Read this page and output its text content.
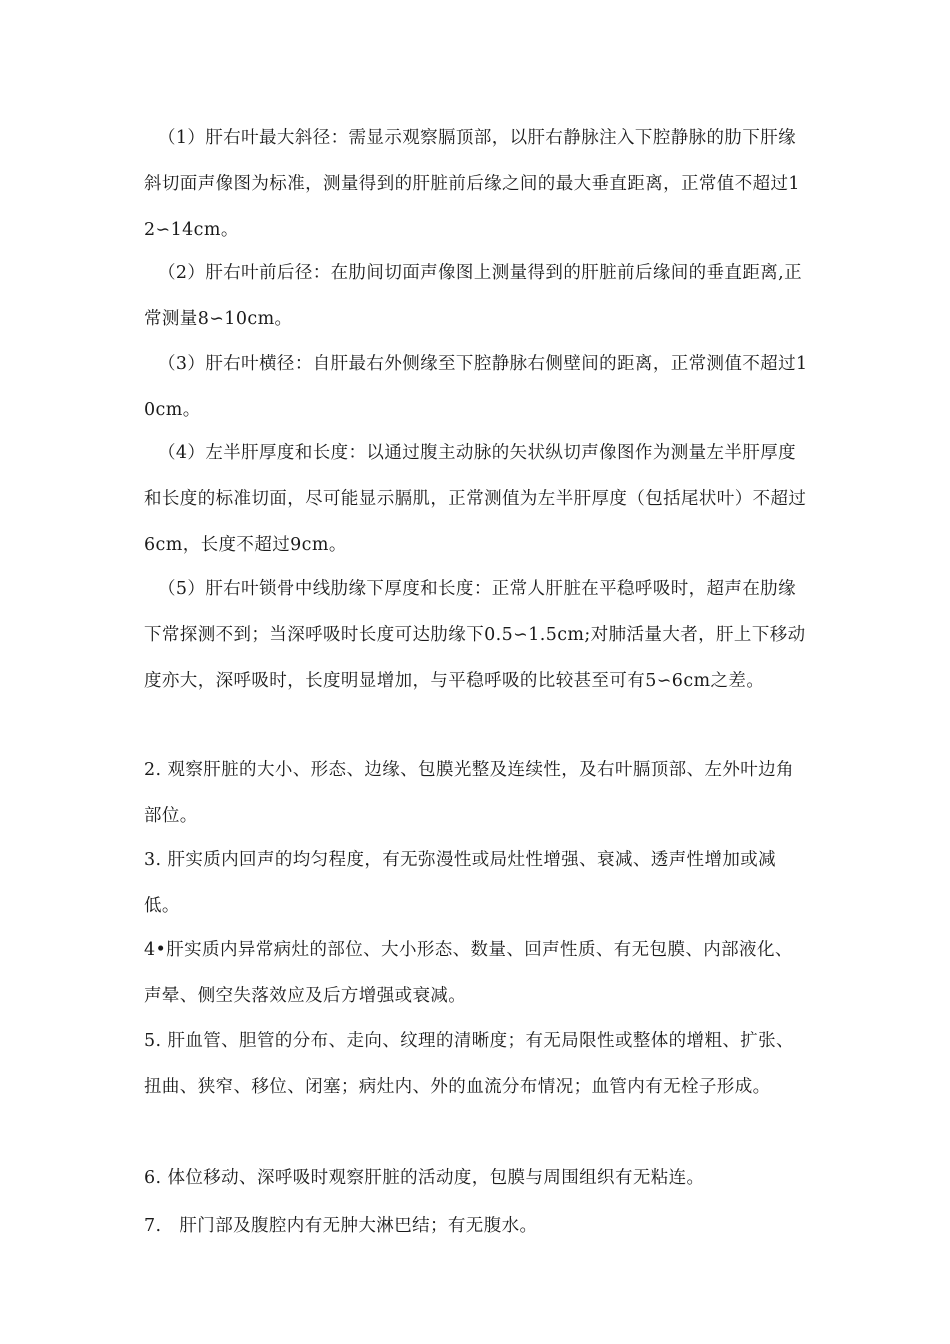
（1）肝右叶最大斜径：需显示观察膈顶部，以肝右静脉注入下腔静脉的肋下肝缘斜切面声像图为标准，测量得到的肝脏前后缘之间的最大垂直距离，正常值不超过12∽14cm。

（2）肝右叶前后径：在肋间切面声像图上测量得到的肝脏前后缘间的垂直距离,正常测量8∽10cm。

（3）肝右叶横径：自肝最右外侧缘至下腔静脉右侧壁间的距离，正常测值不超过10cm。

（4）左半肝厚度和长度：以通过腹主动脉的矢状纵切声像图作为测量左半肝厚度和长度的标准切面，尽可能显示膈肌，正常测值为左半肝厚度（包括尾状叶）不超过6cm，长度不超过9cm。

（5）肝右叶锁骨中线肋缘下厚度和长度：正常人肝脏在平稳呼吸时，超声在肋缘下常探测不到；当深呼吸时长度可达肋缘下0.5∽1.5cm;对肺活量大者，肝上下移动度亦大，深呼吸时，长度明显增加，与平稳呼吸的比较甚至可有5∽6cm之差。

2. 观察肝脏的大小、形态、边缘、包膜光整及连续性，及右叶膈顶部、左外叶边角部位。

3. 肝实质内回声的均匀程度，有无弥漫性或局灶性增强、衰减、透声性增加或减低。

4•肝实质内异常病灶的部位、大小形态、数量、回声性质、有无包膜、内部液化、声晕、侧空失落效应及后方增强或衰减。

5. 肝血管、胆管的分布、走向、纹理的清晰度；有无局限性或整体的增粗、扩张、扭曲、狭窄、移位、闭塞；病灶内、外的血流分布情况；血管内有无栓子形成。

6. 体位移动、深呼吸时观察肝脏的活动度，包膜与周围组织有无粘连。

7.　肝门部及腹腔内有无肿大淋巴结；有无腹水。
